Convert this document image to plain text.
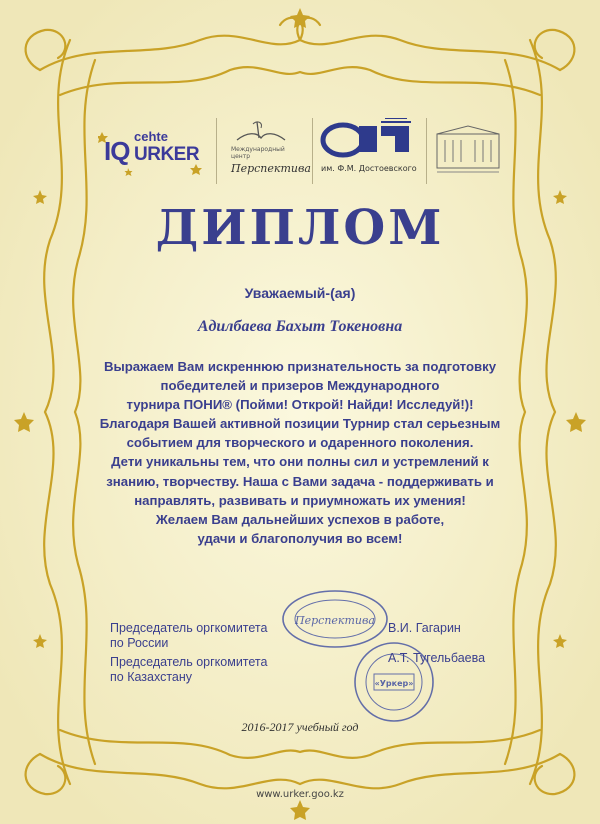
IQ cehte
URKER	Международный центр
Перспектива им. Ф.М. Достоевского
ДИПЛОМ
Уважаемый-(ая)
Адилбаева Бахыт Токеновна
Выражаем Вам искреннюю признательность за подготовку
победителей и призеров Международного
турнира ПОНИ® (Пойми! Открой! Найди! Исследуй!)!
Благодаря Вашей активной позиции Турнир стал серьезным
событием для творческого и одаренного поколения.
Дети уникальны тем, что они полны сил и устремлений к
знанию, творчеству. Наша с Вами задача - поддерживать и
направлять, развивать и приумножать их умения!
Желаем Вам дальнейших успехов в работе,
удачи и благополучия во всем!
Перспектива
«Уркер»
Председатель оргкомитета
по России
В.И. Гагарин
Председатель оргкомитета
по Казахстану
А.Т. Тугельбаева
2016-2017 учебный год
www.urker.goo.kz
